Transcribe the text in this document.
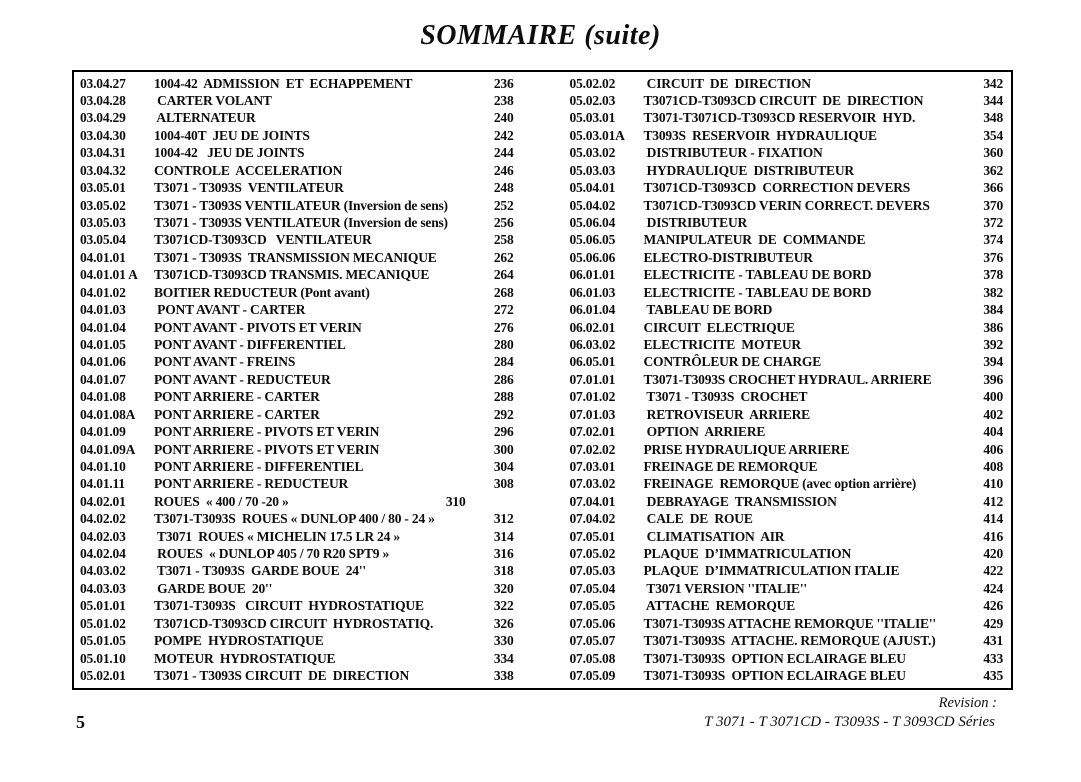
SOMMAIRE (suite)
03.04.27	1004-42  ADMISSION  ET  ECHAPPEMENT	236
03.04.28	CARTER VOLANT	238
03.04.29	ALTERNATEUR	240
03.04.30	1004-40T  JEU DE JOINTS	242
03.04.31	1004-42   JEU DE JOINTS	244
03.04.32	CONTROLE  ACCELERATION	246
03.05.01	T3071 - T3093S  VENTILATEUR	248
03.05.02	T3071 - T3093S VENTILATEUR (Inversion de sens)	252
03.05.03	T3071 - T3093S VENTILATEUR (Inversion de sens)	256
03.05.04	T3071CD-T3093CD   VENTILATEUR	258
04.01.01	T3071 - T3093S  TRANSMISSION MECANIQUE	262
04.01.01 A	T3071CD-T3093CD TRANSMIS. MECANIQUE	264
04.01.02	BOITIER REDUCTEUR (Pont avant)	268
04.01.03	PONT AVANT - CARTER	272
04.01.04	PONT AVANT - PIVOTS ET VERIN	276
04.01.05	PONT AVANT - DIFFERENTIEL	280
04.01.06	PONT AVANT - FREINS	284
04.01.07	PONT AVANT - REDUCTEUR	286
04.01.08	PONT ARRIERE - CARTER	288
04.01.08A	PONT ARRIERE - CARTER	292
04.01.09	PONT ARRIERE - PIVOTS ET VERIN	296
04.01.09A	PONT ARRIERE - PIVOTS ET VERIN	300
04.01.10	PONT ARRIERE - DIFFERENTIEL	304
04.01.11	PONT ARRIERE - REDUCTEUR	308
04.02.01	ROUES  « 400 / 70 -20 »	310
04.02.02	T3071-T3093S  ROUES « DUNLOP 400 / 80 - 24 »	312
04.02.03	T3071  ROUES « MICHELIN 17.5 LR 24 »	314
04.02.04	ROUES  « DUNLOP 405 / 70 R20 SPT9 »	316
04.03.02	T3071 - T3093S  GARDE BOUE  24''	318
04.03.03	GARDE BOUE  20''	320
05.01.01	T3071-T3093S   CIRCUIT  HYDROSTATIQUE	322
05.01.02	T3071CD-T3093CD CIRCUIT  HYDROSTATIQ.	326
05.01.05	POMPE  HYDROSTATIQUE	330
05.01.10	MOTEUR  HYDROSTATIQUE	334
05.02.01	T3071 - T3093S CIRCUIT  DE  DIRECTION	338
05.02.02	CIRCUIT  DE  DIRECTION	342
05.02.03	T3071CD-T3093CD CIRCUIT  DE  DIRECTION	344
05.03.01	T3071-T3071CD-T3093CD RESERVOIR  HYD.	348
05.03.01A	T3093S  RESERVOIR  HYDRAULIQUE	354
05.03.02	DISTRIBUTEUR - FIXATION	360
05.03.03	HYDRAULIQUE  DISTRIBUTEUR	362
05.04.01	T3071CD-T3093CD  CORRECTION DEVERS	366
05.04.02	T3071CD-T3093CD VERIN CORRECT. DEVERS	370
05.06.04	DISTRIBUTEUR	372
05.06.05	MANIPULATEUR  DE  COMMANDE	374
05.06.06	ELECTRO-DISTRIBUTEUR	376
06.01.01	ELECTRICITE - TABLEAU DE BORD	378
06.01.03	ELECTRICITE - TABLEAU DE BORD	382
06.01.04	TABLEAU DE BORD	384
06.02.01	CIRCUIT  ELECTRIQUE	386
06.03.02	ELECTRICITE  MOTEUR	392
06.05.01	CONTRÔLEUR DE CHARGE	394
07.01.01	T3071-T3093S CROCHET HYDRAUL. ARRIERE	396
07.01.02	T3071 - T3093S  CROCHET	400
07.01.03	RETROVISEUR  ARRIERE	402
07.02.01	OPTION  ARRIERE	404
07.02.02	PRISE HYDRAULIQUE ARRIERE	406
07.03.01	FREINAGE DE REMORQUE	408
07.03.02	FREINAGE  REMORQUE (avec option arrière)	410
07.04.01	DEBRAYAGE  TRANSMISSION	412
07.04.02	CALE  DE  ROUE	414
07.05.01	CLIMATISATION  AIR	416
07.05.02	PLAQUE  D’IMMATRICULATION	420
07.05.03	PLAQUE  D’IMMATRICULATION ITALIE	422
07.05.04	T3071 VERSION ''ITALIE''	424
07.05.05	ATTACHE  REMORQUE	426
07.05.06	T3071-T3093S ATTACHE REMORQUE ''ITALIE''	429
07.05.07	T3071-T3093S  ATTACHE. REMORQUE (AJUST.)	431
07.05.08	T3071-T3093S  OPTION ECLAIRAGE BLEU	433
07.05.09	T3071-T3093S  OPTION ECLAIRAGE BLEU	435
Revision :
5	T 3071 - T 3071CD - T3093S - T 3093CD Séries
